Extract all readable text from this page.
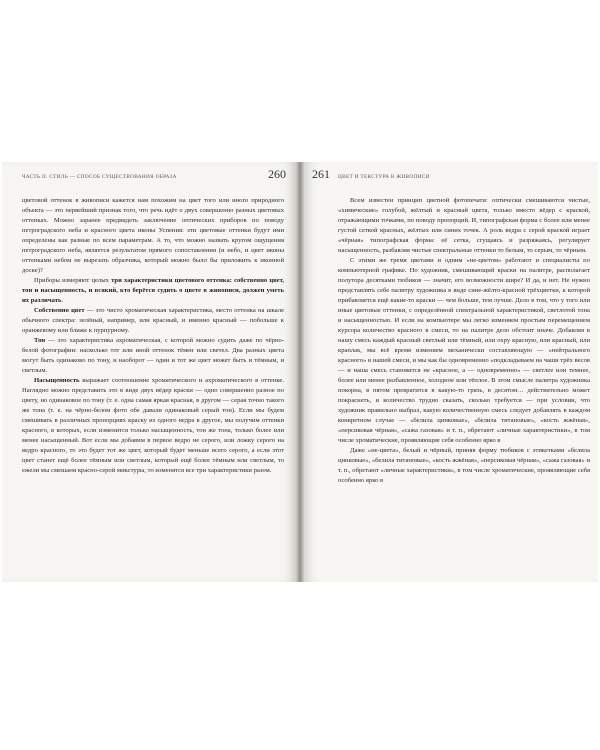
ЧАСТЬ II. СТИЛЬ — СПОСОБ СУЩЕСТВОВАНИЯ ОБРАЗА	260

цветовой оттенок в живописи кажется нам похожим на цвет того или иного природного объекта — это первейший признак того, что речь идёт о двух совершенно разных цветовых оттенках. Можно заранее предвидеть заключение оптических приборов по поводу петроградского неба и красного цвета иконы Успения: эти цветовые оттенки будут ими определены как разные по всем параметрам. А то, что можно назвать кругом ощущения петроградского неба, является результатом прямого сопоставления (и небо, и цвет иконы оттенками небом не вырезать образчика, который можно было бы приложить к иконной доске)?

Приборы измеряют целых три характеристики цветового оттенка: собственно цвет, тон и насыщенность, и всякий, кто берётся судить о цвете в живописи, должен уметь их различать.

Собственно цвет — это чисто хроматическая характеристика, место оттенка на шкале обычного спектра: зелёный, например, или красный, и именно красный — побольше к оранжевому или ближе к пурпурному.

Тон — это характеристика ахроматическая, с которой можно судить даже по чёрно-белой фотографии: насколько тот или иной оттенок тёмен или светел. Два разных цвета могут быть одинаково по тону, и наоборот — один и тот же цвет может быть и тёмным, и светлым.

Насыщенность выражает соотношение хроматического и ахроматического в оттенке. Наглядно можно представить это в виде двух вёдер краски — одно совершенно разное по цвету, но одинаковое по тону (т. е. одна самая яркая красная, в другом — серая точно такого же тона (т. е. на чёрно-белом фото обе давали одинаковый серый тон). Если мы будем смешивать в различных пропорциях краску из одного ведра в другое, мы получим оттенки красного, в которых, если изменится только насыщенность, тон же тона, только более или менее насыщенный. Вот если мы добавим в первое ведро не серого, или ложку серого на ведро красного, то это будет тот же цвет, который будет меньше всего серого, а если этот цвет станет ещё более тёмным или светлым, который ещё более тёмным или светлым, то ежели мы смешаем красно-серой микстуры, то изменятся все три характеристики разом.

261 ЦВЕТ И ТЕКСТУРА В ЖИВОПИСИ

Всем известен принцип цветной фотопечати: оптически смешиваются чистые, «химические» голубой, жёлтый и красный цвета, только вместо вёдер с краской, отражающими точками, по поводу пропорций. И, типографская форма с более или менее густой сеткой красных, жёлтых или синих точек. А роль ведра с серой краской играет «чёрная» типографская форма: её сетка, сгущаясь и разряжаясь, регулирует насыщенность, разбавляя чистые спектральные оттенки то белым, то серым, то чёрным.

С этими же тремя цветами и одним «не-цветом» работают и специалисты по компьютерной графике. Но художник, смешивающий краски на палитре, располагает полутора десятками тюбиков — значит, его возможности шире? И да, и нет. Не нужно представлять себе палитру художника в виде сине-жёлто-красной трёхцветки, к которой прибавляется ещё какие-то краски — чем больше, тем лучше. Дело в том, что у того или иные цветовые оттенки, с определённой спектральной характеристикой, светлотой тона и насыщенностью. И если на компьютере мы легко изменяем простым перемещением курсора количество красного в смеси, то на палитре дело обстоит иначе. Добавляя в нашу смесь каждый красный светлый или тёмный, или охру красную, или красный, или краплак, мы всё время изменяем механически составляющую — «нейтрального красного» в нашей смеси, и мы как бы одновременно «подкладываем на чаши трёх весов — и наша смесь становится не «красное, а — одновременно» — светлее или темнее, более или менее разбавленное, холодное или тёплое. В этом смысле палитра художника покорна, в пятом превратится в какую-то грязь, в десятом… действительно может покраснеть, и количество трудно сказать, сколько требуется — при условии, что художник правильно выбрал, какую количественную смесь следует добавлять в каждом конкретном случае — «белила цинковые», «белила титановые», «кость жжёная», «персиковая чёрная», «сажа газовая» и т. п., обретают «личные характеристики», в том числе хроматические, проявляющие себя особенно ярко в

Даже «не-цвета», белый и чёрный, приняв форму тюбиков с этикетками «белила цинковые», «белила титановые», «кость жжёная», «персиковая чёрная», «сажа газовая» и т. п., обретают «личные характеристики», в том числе хроматические, проявляющие себя особенно ярко в
